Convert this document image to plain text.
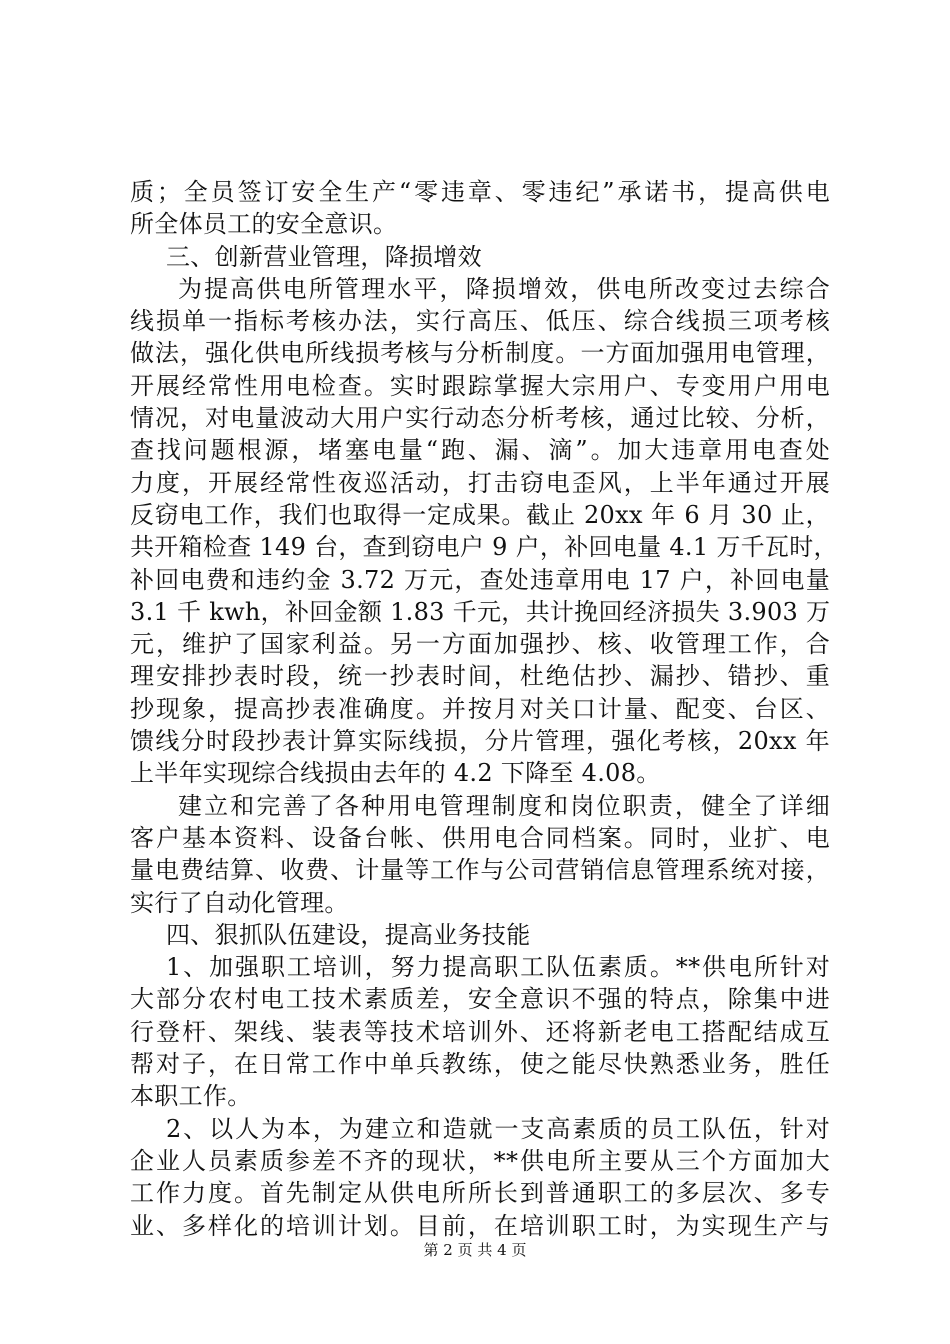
质；全员签订安全生产“零违章、零违纪”承诺书，提高供电
所全体员工的安全意识。
三、创新营业管理，降损增效
为提高供电所管理水平，降损增效，供电所改变过去综合
线损单一指标考核办法，实行高压、低压、综合线损三项考核
做法，强化供电所线损考核与分析制度。一方面加强用电管理，
开展经常性用电检查。实时跟踪掌握大宗用户、专变用户用电
情况，对电量波动大用户实行动态分析考核，通过比较、分析，
查找问题根源，堵塞电量“跑、漏、滴”。加大违章用电查处
力度，开展经常性夜巡活动，打击窃电歪风，上半年通过开展
反窃电工作，我们也取得一定成果。截止 20xx 年 6 月 30 止，
共开箱检查 149 台，查到窃电户 9 户，补回电量 4.1 万千瓦时，
补回电费和违约金 3.72 万元，查处违章用电 17 户，补回电量
3.1 千 kwh，补回金额 1.83 千元，共计挽回经济损失 3.903 万
元，维护了国家利益。另一方面加强抄、核、收管理工作，合
理安排抄表时段，统一抄表时间，杜绝估抄、漏抄、错抄、重
抄现象，提高抄表准确度。并按月对关口计量、配变、台区、
馈线分时段抄表计算实际线损，分片管理，强化考核，20xx 年
上半年实现综合线损由去年的 4.2 下降至 4.08。
建立和完善了各种用电管理制度和岗位职责，健全了详细
客户基本资料、设备台帐、供用电合同档案。同时，业扩、电
量电费结算、收费、计量等工作与公司营销信息管理系统对接，
实行了自动化管理。
四、狠抓队伍建设，提高业务技能
1、加强职工培训，努力提高职工队伍素质。**供电所针对
大部分农村电工技术素质差，安全意识不强的特点，除集中进
行登杆、架线、装表等技术培训外、还将新老电工搭配结成互
帮对子，在日常工作中单兵教练，使之能尽快熟悉业务，胜任
本职工作。
2、以人为本，为建立和造就一支高素质的员工队伍，针对
企业人员素质参差不齐的现状，**供电所主要从三个方面加大
工作力度。首先制定从供电所所长到普通职工的多层次、多专
业、多样化的培训计划。目前，在培训职工时，为实现生产与
第 2 页 共 4 页
